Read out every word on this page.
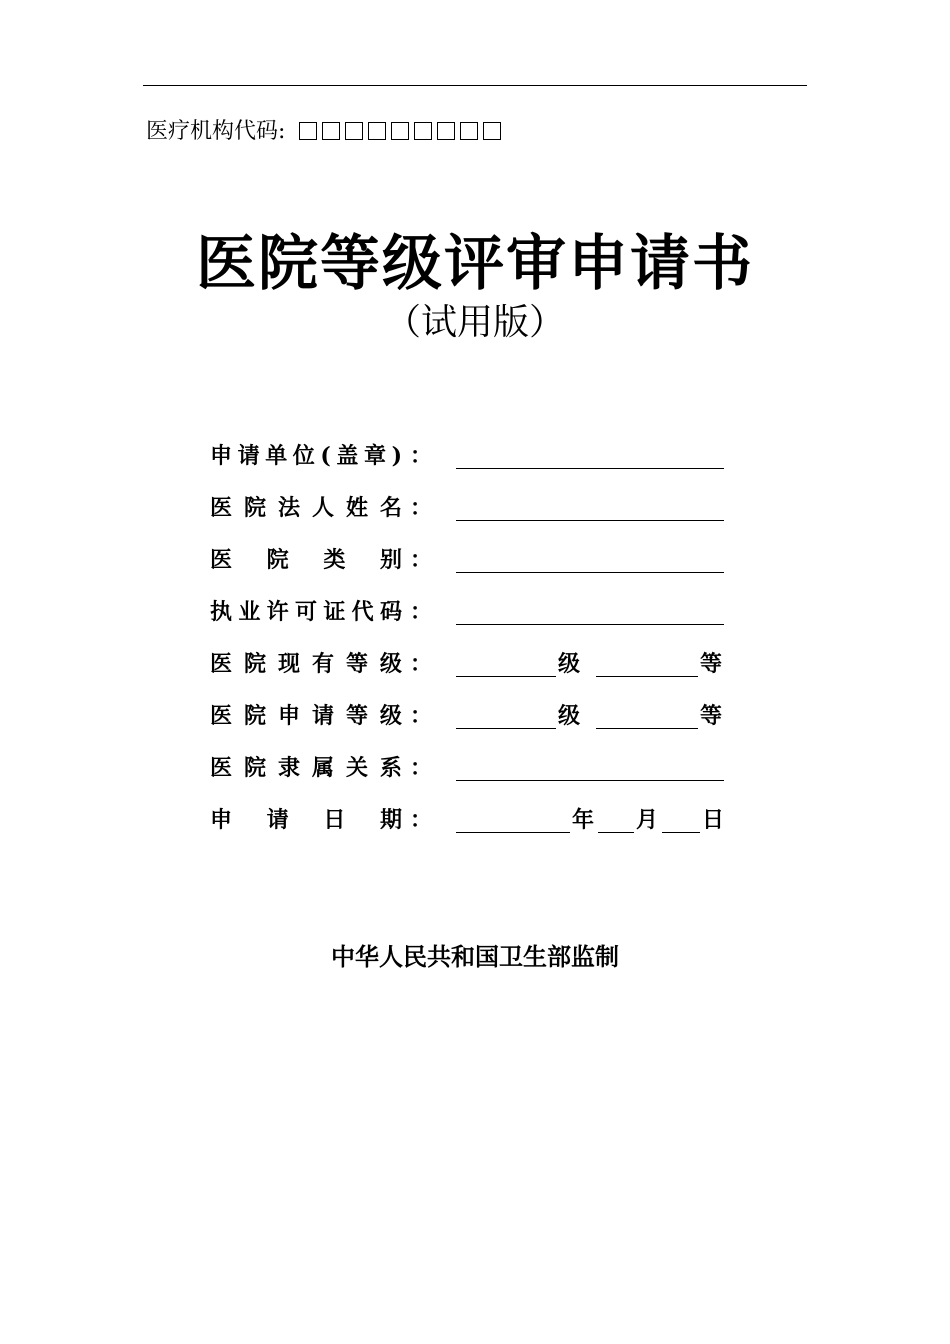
医疗机构代码:
医院等级评审申请书
（试用版）
申 请 单 位 ( 盖 章 ) ：
医 院 法 人 姓 名 ：
医 院 类 别 ：
执 业 许 可 证 代 码 ：
医 院 现 有 等 级 ：	级	等
医 院 申 请 等 级 ：	级	等
医 院 隶 属 关 系 ：
申 请 日 期 ：	年 月 日
中华人民共和国卫生部监制
